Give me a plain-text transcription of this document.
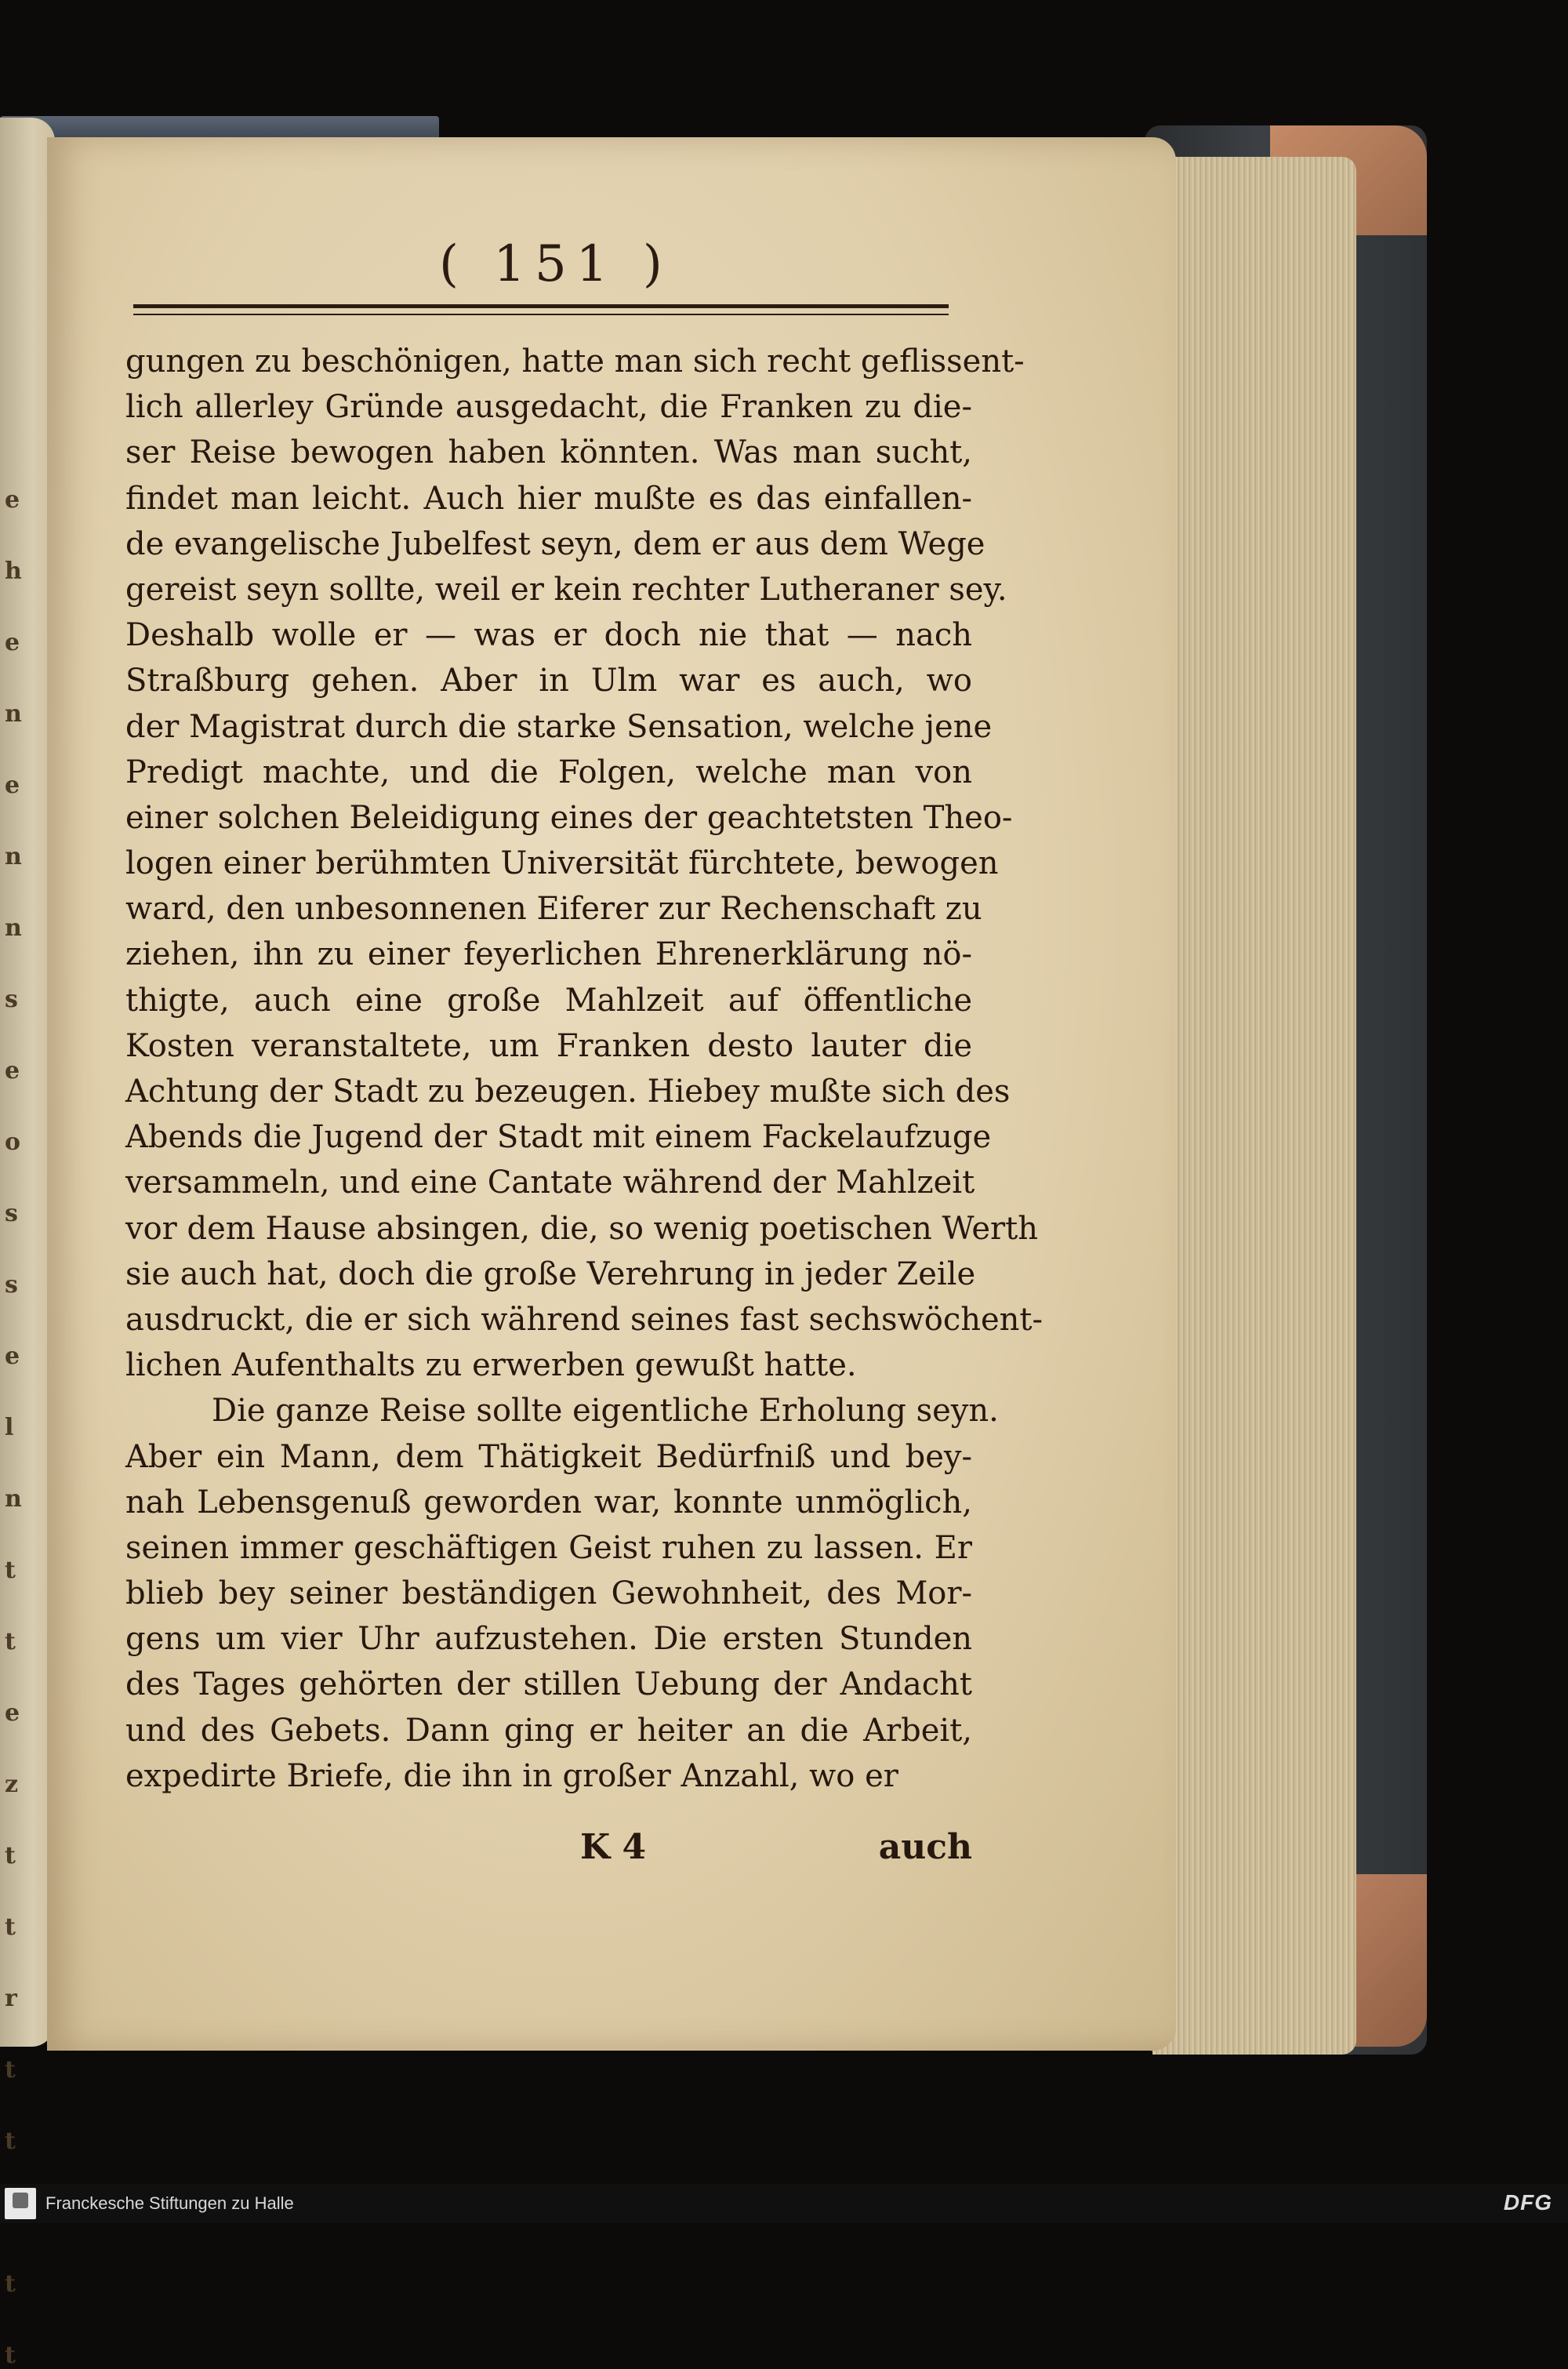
e
h
e
n
e
n
n
s
e
o
s
s
e
l
n
t
t
e
z
t
t
r
t
t
t
t
( 151 )
gungen zu beschönigen, hatte man sich recht geflissent-
lich allerley Gründe ausgedacht, die Franken zu die-
ser Reise bewogen haben könnten. Was man sucht,
findet man leicht. Auch hier mußte es das einfallen-
de evangelische Jubelfest seyn, dem er aus dem Wege
gereist seyn sollte, weil er kein rechter Lutheraner sey.
Deshalb wolle er — was er doch nie that — nach
Straßburg gehen. Aber in Ulm war es auch, wo
der Magistrat durch die starke Sensation, welche jene
Predigt machte, und die Folgen, welche man von
einer solchen Beleidigung eines der geachtetsten Theo-
logen einer berühmten Universität fürchtete, bewogen
ward, den unbesonnenen Eiferer zur Rechenschaft zu
ziehen, ihn zu einer feyerlichen Ehrenerklärung nö-
thigte, auch eine große Mahlzeit auf öffentliche
Kosten veranstaltete, um Franken desto lauter die
Achtung der Stadt zu bezeugen. Hiebey mußte sich des
Abends die Jugend der Stadt mit einem Fackelaufzuge
versammeln, und eine Cantate während der Mahlzeit
vor dem Hause absingen, die, so wenig poetischen Werth
sie auch hat, doch die große Verehrung in jeder Zeile
ausdruckt, die er sich während seines fast sechswöchent-
lichen Aufenthalts zu erwerben gewußt hatte.
Die ganze Reise sollte eigentliche Erholung seyn.
Aber ein Mann, dem Thätigkeit Bedürfniß und bey-
nah Lebensgenuß geworden war, konnte unmöglich,
seinen immer geschäftigen Geist ruhen zu lassen. Er
blieb bey seiner beständigen Gewohnheit, des Mor-
gens um vier Uhr aufzustehen. Die ersten Stunden
des Tages gehörten der stillen Uebung der Andacht
und des Gebets. Dann ging er heiter an die Arbeit,
expedirte Briefe, die ihn in großer Anzahl, wo er
K 4	auch
Franckesche Stiftungen zu Halle	DFG
